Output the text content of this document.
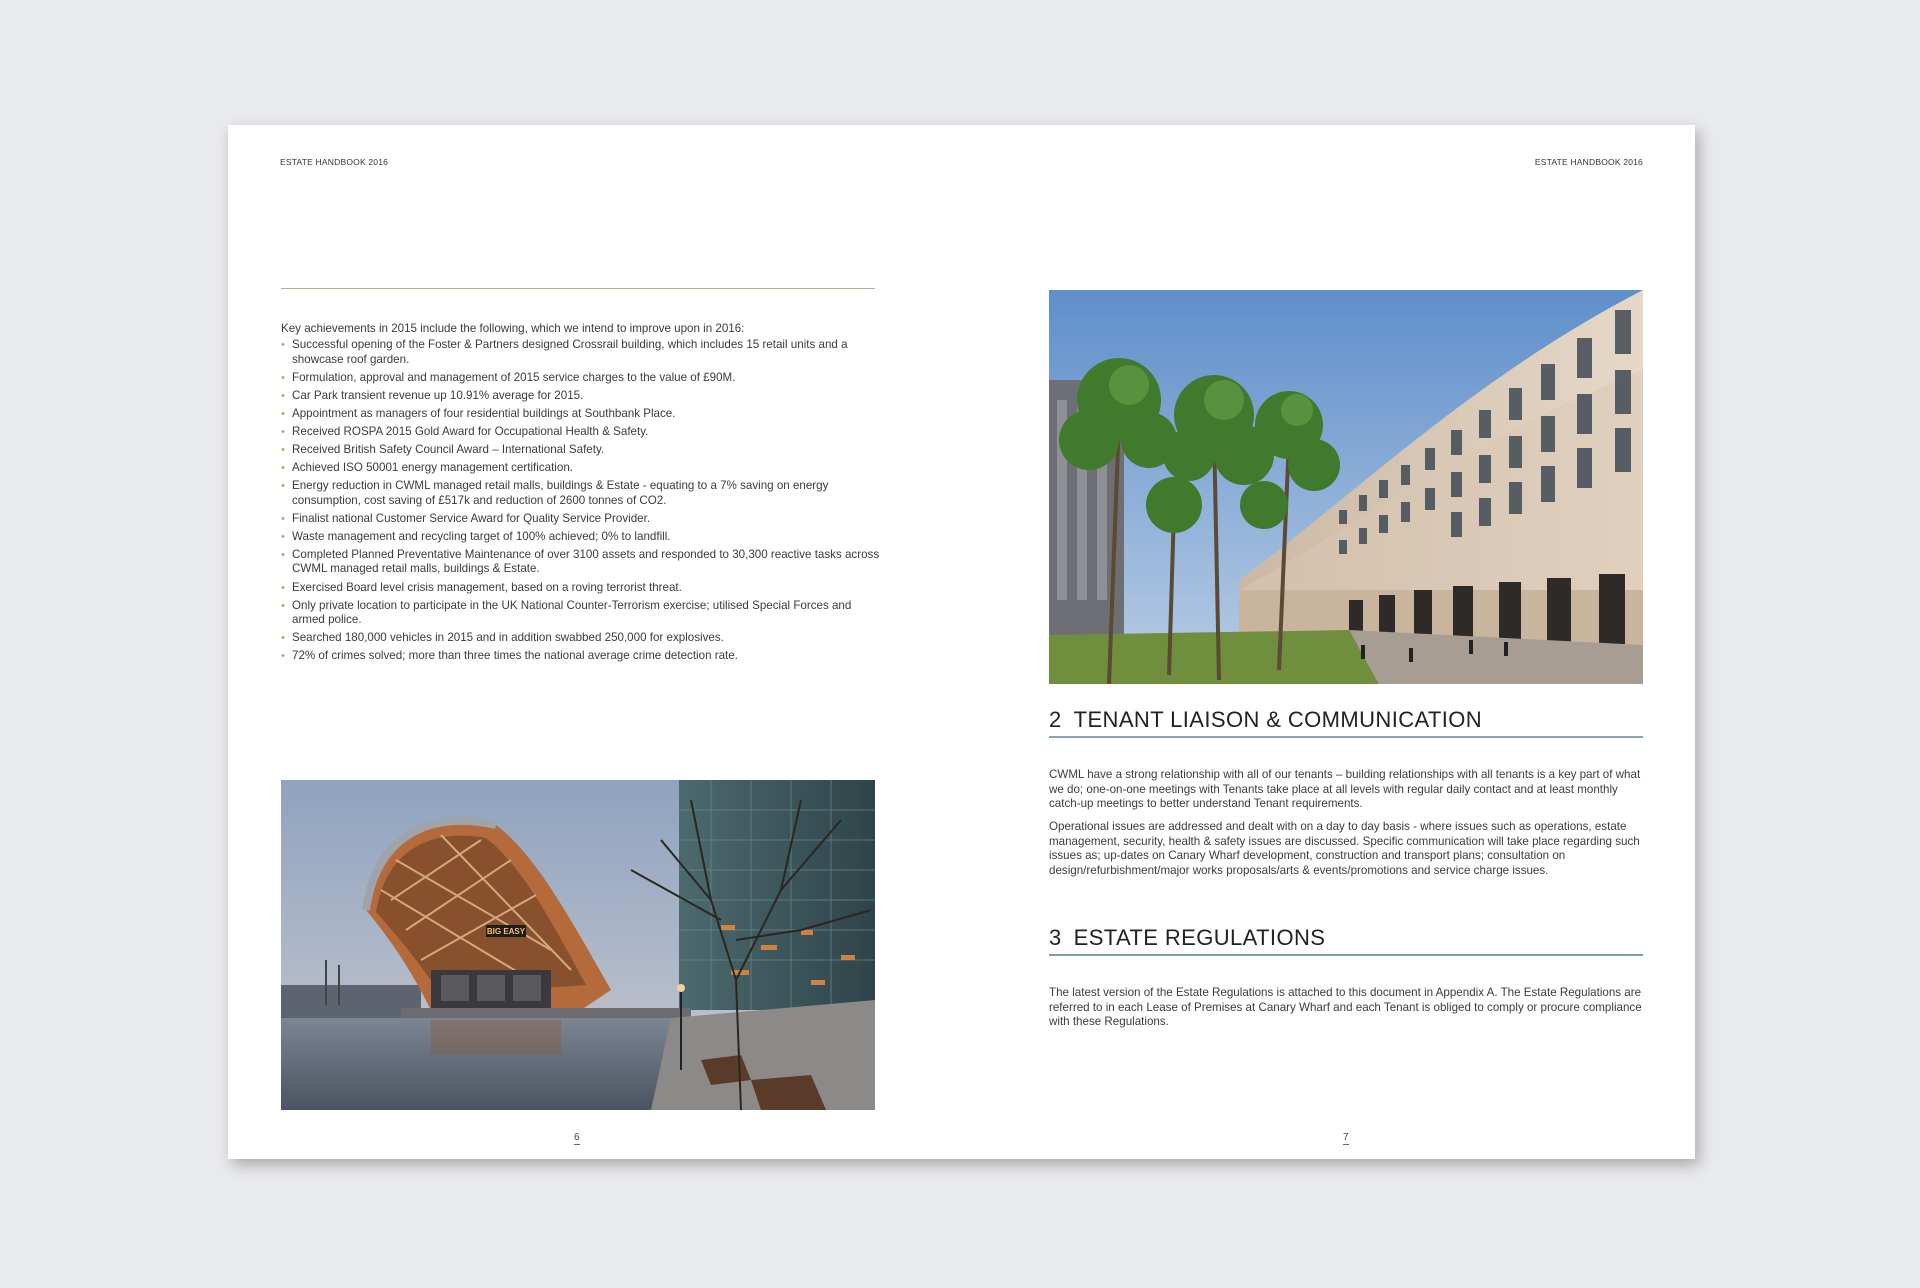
ESTATE HANDBOOK 2016	ESTATE HANDBOOK 2016

Key achievements in 2015 include the following, which we intend to improve upon in 2016:

• Successful opening of the Foster & Partners designed Crossrail building, which includes 15 retail units and a showcase roof garden.
• Formulation, approval and management of 2015 service charges to the value of £90M.
• Car Park transient revenue up 10.91% average for 2015.
• Appointment as managers of four residential buildings at Southbank Place.
• Received ROSPA 2015 Gold Award for Occupational Health & Safety.
• Received British Safety Council Award – International Safety.
• Achieved ISO 50001 energy management certification.
• Energy reduction in CWML managed retail malls, buildings & Estate - equating to a 7% saving on energy consumption, cost saving of £517k and reduction of 2600 tonnes of CO2.
• Finalist national Customer Service Award for Quality Service Provider.
• Waste management and recycling target of 100% achieved; 0% to landfill.
• Completed Planned Preventative Maintenance of over 3100 assets and responded to 30,300 reactive tasks across CWML managed retail malls, buildings & Estate.
• Exercised Board level crisis management, based on a roving terrorist threat.
• Only private location to participate in the UK National Counter-Terrorism exercise; utilised Special Forces and armed police.
• Searched 180,000 vehicles in 2015 and in addition swabbed 250,000 for explosives.
• 72% of crimes solved; more than three times the national average crime detection rate.
BIG EASY
6
2 TENANT LIAISON & COMMUNICATION

CWML have a strong relationship with all of our tenants – building relationships with all tenants is a key part of what we do; one-on-one meetings with Tenants take place at all levels with regular daily contact and at least monthly catch-up meetings to better understand Tenant requirements.

Operational issues are addressed and dealt with on a day to day basis - where issues such as operations, estate management, security, health & safety issues are discussed. Specific communication will take place regarding such issues as; up-dates on Canary Wharf development, construction and transport plans; consultation on design/refurbishment/major works proposals/arts & events/promotions and service charge issues.

3 ESTATE REGULATIONS

The latest version of the Estate Regulations is attached to this document in Appendix A. The Estate Regulations are referred to in each Lease of Premises at Canary Wharf and each Tenant is obliged to comply or procure compliance with these Regulations.

7
